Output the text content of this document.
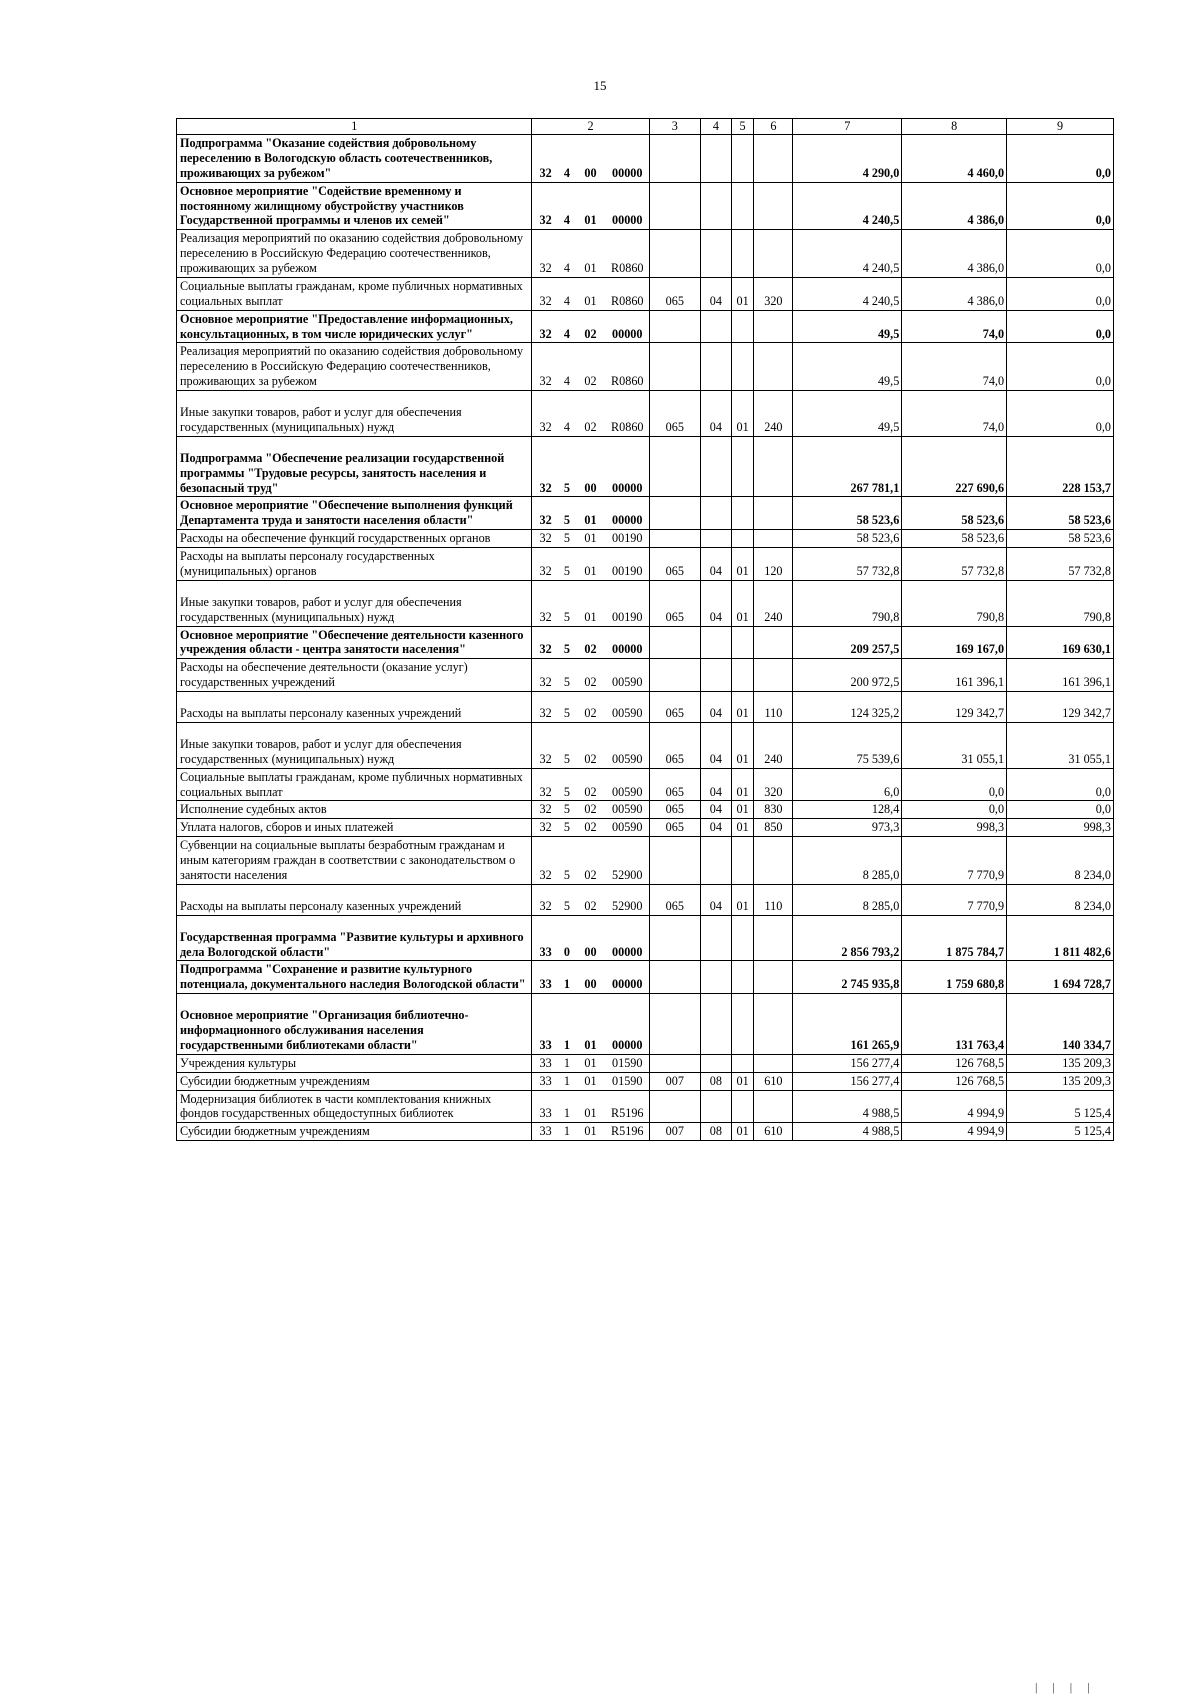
15
1	2				3	4	5	6	7	8	9
Подпрограмма "Оказание содействия добровольному переселению в Вологодскую область соотечественников, проживающих за рубежом"	32	4	00	00000					4 290,0	4 460,0	0,0
Основное мероприятие "Содействие временному и постоянному жилищному обустройству участников Государственной программы и членов их семей"	32	4	01	00000					4 240,5	4 386,0	0,0
Реализация мероприятий по оказанию содействия добровольному переселению в Российскую Федерацию соотечественников, проживающих за рубежом	32	4	01	R0860					4 240,5	4 386,0	0,0
Социальные выплаты гражданам, кроме публичных нормативных социальных выплат	32	4	01	R0860	065	04	01	320	4 240,5	4 386,0	0,0
Основное мероприятие "Предоставление информационных, консультационных, в том числе юридических услуг"	32	4	02	00000					49,5	74,0	0,0
Реализация мероприятий по оказанию содействия добровольному переселению в Российскую Федерацию соотечественников, проживающих за рубежом	32	4	02	R0860					49,5	74,0	0,0
Иные закупки товаров, работ и услуг для обеспечения государственных (муниципальных) нужд	32	4	02	R0860	065	04	01	240	49,5	74,0	0,0
Подпрограмма "Обеспечение реализации государственной программы "Трудовые ресурсы, занятость населения и безопасный труд"	32	5	00	00000					267 781,1	227 690,6	228 153,7
Основное мероприятие "Обеспечение выполнения функций Департамента труда и занятости населения области"	32	5	01	00000					58 523,6	58 523,6	58 523,6
Расходы на обеспечение функций государственных органов	32	5	01	00190					58 523,6	58 523,6	58 523,6
Расходы на выплаты персоналу государственных (муниципальных) органов	32	5	01	00190	065	04	01	120	57 732,8	57 732,8	57 732,8
Иные закупки товаров, работ и услуг для обеспечения государственных (муниципальных) нужд	32	5	01	00190	065	04	01	240	790,8	790,8	790,8
Основное мероприятие "Обеспечение деятельности казенного учреждения области - центра занятости населения"	32	5	02	00000					209 257,5	169 167,0	169 630,1
Расходы на обеспечение деятельности (оказание услуг) государственных учреждений	32	5	02	00590					200 972,5	161 396,1	161 396,1
Расходы на выплаты персоналу казенных учреждений	32	5	02	00590	065	04	01	110	124 325,2	129 342,7	129 342,7
Иные закупки товаров, работ и услуг для обеспечения государственных (муниципальных) нужд	32	5	02	00590	065	04	01	240	75 539,6	31 055,1	31 055,1
Социальные выплаты гражданам, кроме публичных нормативных социальных выплат	32	5	02	00590	065	04	01	320	6,0	0,0	0,0
Исполнение судебных актов	32	5	02	00590	065	04	01	830	128,4	0,0	0,0
Уплата налогов, сборов и иных платежей	32	5	02	00590	065	04	01	850	973,3	998,3	998,3
Субвенции на социальные выплаты безработным гражданам и иным категориям граждан в соответствии с законодательством о занятости населения	32	5	02	52900					8 285,0	7 770,9	8 234,0
Расходы на выплаты персоналу казенных учреждений	32	5	02	52900	065	04	01	110	8 285,0	7 770,9	8 234,0
Государственная программа "Развитие культуры и архивного дела Вологодской области"	33	0	00	00000					2 856 793,2	1 875 784,7	1 811 482,6
Подпрограмма "Сохранение и развитие культурного потенциала, документального наследия Вологодской области"	33	1	00	00000					2 745 935,8	1 759 680,8	1 694 728,7
Основное мероприятие "Организация библиотечно-информационного обслуживания населения государственными библиотеками области"	33	1	01	00000					161 265,9	131 763,4	140 334,7
Учреждения культуры	33	1	01	01590					156 277,4	126 768,5	135 209,3
Субсидии бюджетным учреждениям	33	1	01	01590	007	08	01	610	156 277,4	126 768,5	135 209,3
Модернизация библиотек в части комплектования книжных фондов государственных общедоступных библиотек	33	1	01	R5196					4 988,5	4 994,9	5 125,4
Субсидии бюджетным учреждениям	33	1	01	R5196	007	08	01	610	4 988,5	4 994,9	5 125,4
| | | |
